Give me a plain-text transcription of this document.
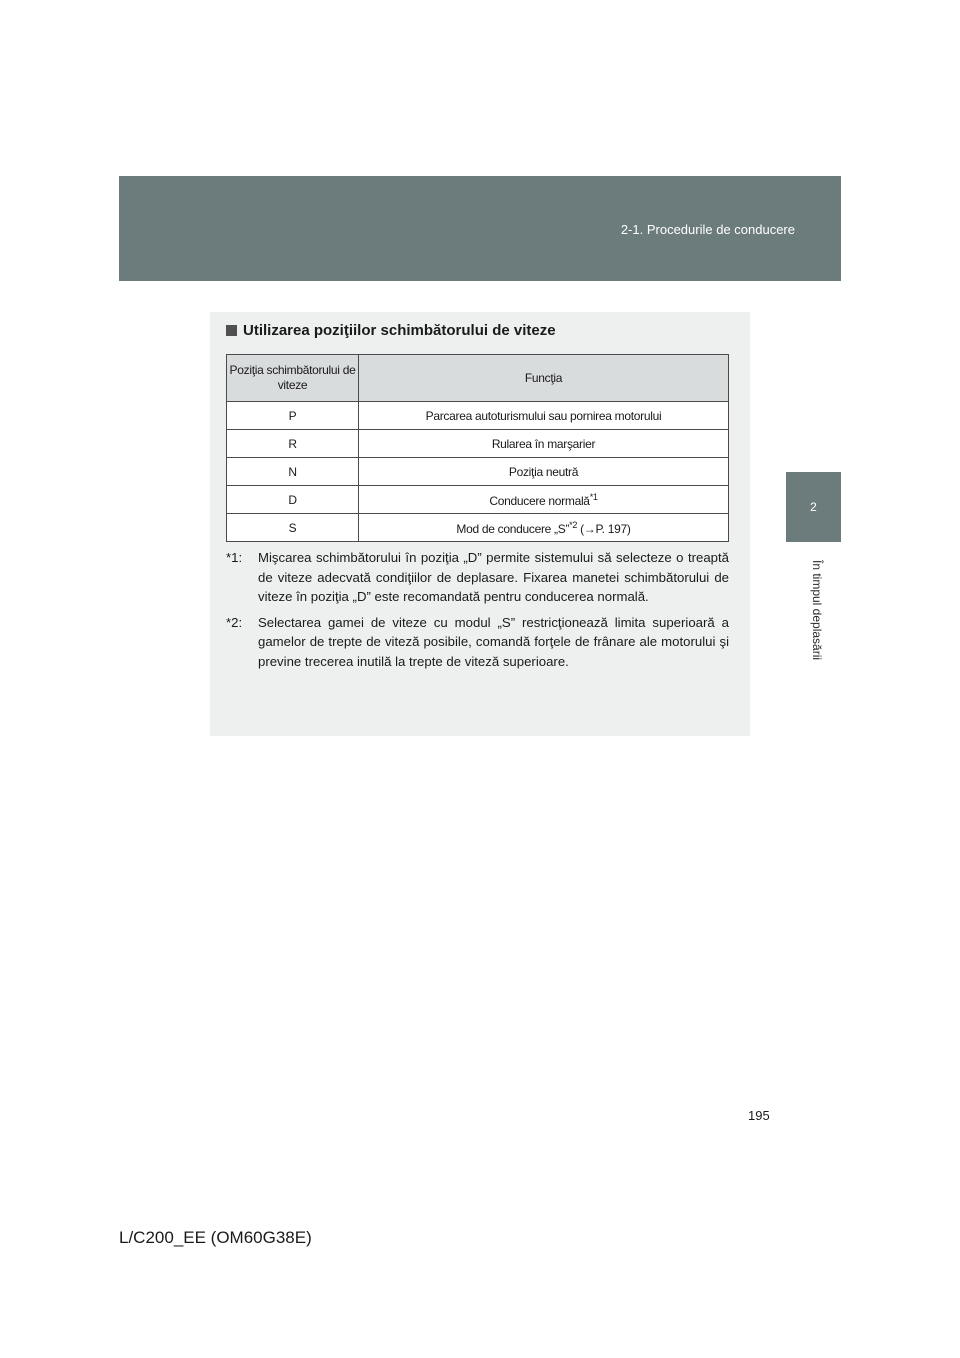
2-1. Procedurile de conducere
2
În timpul deplasării
Utilizarea poziţiilor schimbătorului de viteze
Poziţia schimbătorului de viteze	Funcţia
P	Parcarea autoturismului sau pornirea motorului
R	Rularea în marşarier
N	Poziţia neutră
D	Conducere normală$^{*1}$
S	Mod de conducere „S”$^{*2}$ (→P. 197)
*1:	Mişcarea schimbătorului în poziţia „D” permite sistemului să selecteze o treaptă de viteze adecvată condiţiilor de deplasare. Fixarea manetei schimbătorului de viteze în poziţia „D” este recomandată pentru conducerea normală.
*2:	Selectarea gamei de viteze cu modul „S” restricţionează limita superioară a gamelor de trepte de viteză posibile, comandă forţele de frânare ale motorului şi previne trecerea inutilă la trepte de viteză superioare.
195
L/C200_EE (OM60G38E)
